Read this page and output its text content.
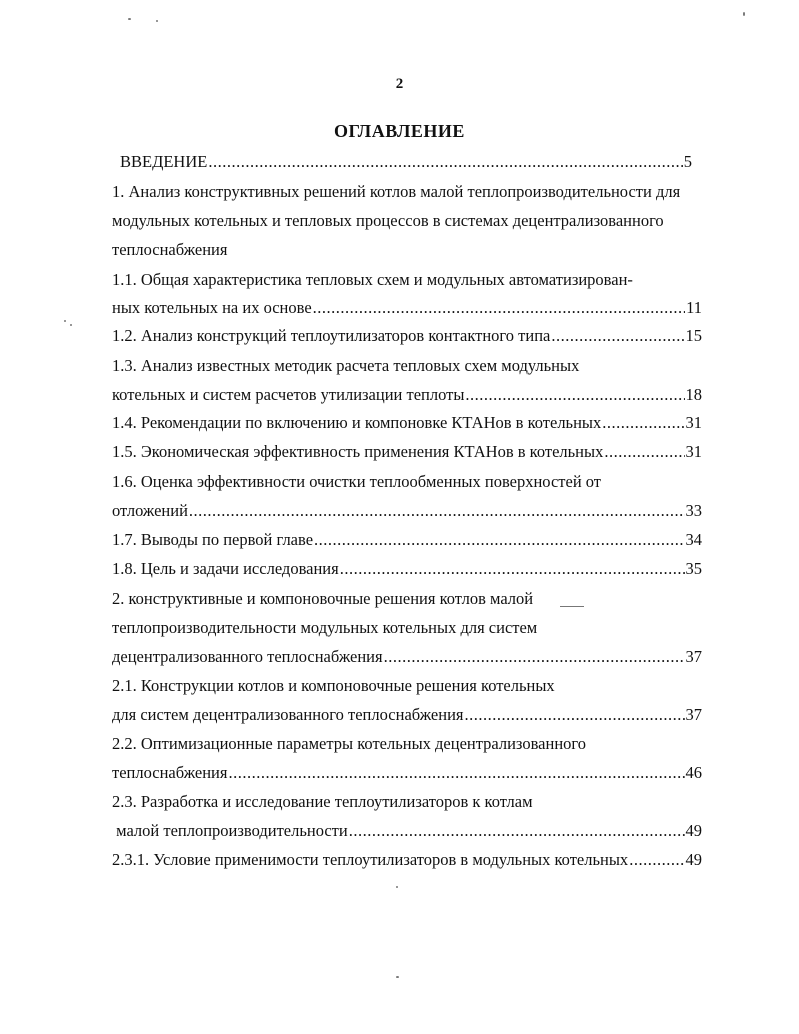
2
ОГЛАВЛЕНИЕ
ВВЕДЕНИЕ .....	5
1. Анализ конструктивных решений котлов малой теплопроизводительности для
модульных котельных и тепловых процессов в системах децентрализованного
теплоснабжения
1.1. Общая характеристика тепловых схем и модульных автоматизирован-
ных котельных на их основе .....	11
1.2. Анализ конструкций теплоутилизаторов контактного типа .....	15
1.3. Анализ известных методик расчета тепловых схем модульных
котельных и систем расчетов утилизации теплоты .....	18
1.4. Рекомендации по включению и компоновке КТАНов в котельных .....	31
1.5. Экономическая эффективность применения КТАНов в котельных .....	31
1.6. Оценка эффективности очистки теплообменных поверхностей от
отложений .....	33
1.7. Выводы по первой главе .....	34
1.8. Цель и задачи исследования .....	35
2. конструктивные и компоновочные решения котлов малой
теплопроизводительности модульных котельных для систем
децентрализованного теплоснабжения .....	37
2.1. Конструкции котлов и компоновочные решения котельных
для систем децентрализованного теплоснабжения .....	37
2.2. Оптимизационные параметры котельных децентрализованного
теплоснабжения .....	46
2.3. Разработка и исследование теплоутилизаторов к котлам
малой теплопроизводительности .....	49
2.3.1. Условие применимости теплоутилизаторов в модульных котельных .....	49
